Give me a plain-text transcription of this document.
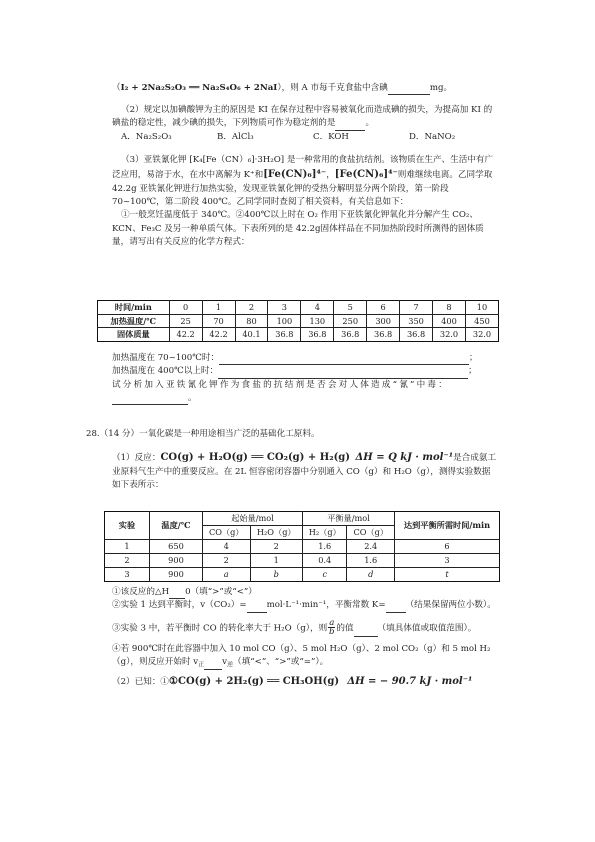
（I₂ + 2Na₂S₂O₃ ══ Na₂S₄O₆ + 2NaI），则 A 市每千克食盐中含碘	mg。

（2）规定以加碘酸钾为主的原因是 KI 在保存过程中容易被氧化而造成碘的损失，为提高加 KI 的碘盐的稳定性，减少碘的损失，下列物质可作为稳定剂的是	。

A．Na₂S₂O₃	B．AlCl₃	C．KOH	D．NaNO₂

（3）亚铁氰化钾 [K₄[Fe（CN）₆]·3H₂O] 是一种常用的食盐抗结剂。该物质在生产、生活中有广泛应用，易溶于水，在水中离解为 K⁺和[Fe(CN)₆]⁴⁻，[Fe(CN)₆]⁴⁻则难继续电离。乙同学取 42.2g 亚铁氰化钾进行加热实验，发现亚铁氰化钾的受热分解明显分两个阶段，第一阶段 70~100℃，第二阶段 400℃。乙同学同时查阅了相关资料，有关信息如下：

①一般烹饪温度低于 340℃。②400℃以上时在 O₂ 作用下亚铁氰化钾氧化并分解产生 CO₂、KCN、Fe₃C 及另一种单质气体。下表所列的是 42.2g固体样品在不同加热阶段时所测得的固体质量，请写出有关反应的化学方程式：

时间/min	0	1	2	3	4	5	6	7	8	10
加热温度/℃	25	70	80	100	130	250	300	350	400	450
固体质量	42.2	42.2	40.1	36.8	36.8	36.8	36.8	36.8	32.0	32.0

加热温度在 70~100℃时：	；

加热温度在 400℃以上时：	；

试分析加入亚铁氰化钾作为食盐的抗结剂是否会对人体造成“氰”中毒：。

28.（14 分）一氧化碳是一种用途相当广泛的基础化工原料。

（1）反应：CO(g) + H₂O(g) ══ CO₂(g) + H₂(g) ΔH = Q kJ · mol⁻¹是合成氨工业原料气生产中的重要反应。在 2L 恒容密闭容器中分别通入 CO（g）和 H₂O（g），测得实验数据如下表所示：

实验	温度/℃	起始量/mol		平衡量/mol		达到平衡所需时间/min
		CO（g）	H₂O（g）	H₂（g）	CO（g）	
1	650	4	2	1.6	2.4	6
2	900	2	1	0.4	1.6	3
3	900	a	b	c	d	t

①该反应的△H 0（填“>”或“<”）

②实验 1 达到平衡时，v（CO₂）= mol·L⁻¹·min⁻¹，平衡常数 K= （结果保留两位小数）。

③实验 3 中，若平衡时 CO 的转化率大于 H₂O（g），则 $\frac{a}{b}$ 的值	（填具体值或取值范围）。

④若 900℃时在此容器中加入 10 mol CO（g）、5 mol H₂O（g）、2 mol CO₂（g）和 5 mol H₂（g），则反应开始时 $v_正$ $v_逆$（填“<”、“>”或“=”）。

（2）已知：①①CO(g) + 2H₂(g) ══ CH₃OH(g) ΔH = − 90.7 kJ · mol⁻¹
